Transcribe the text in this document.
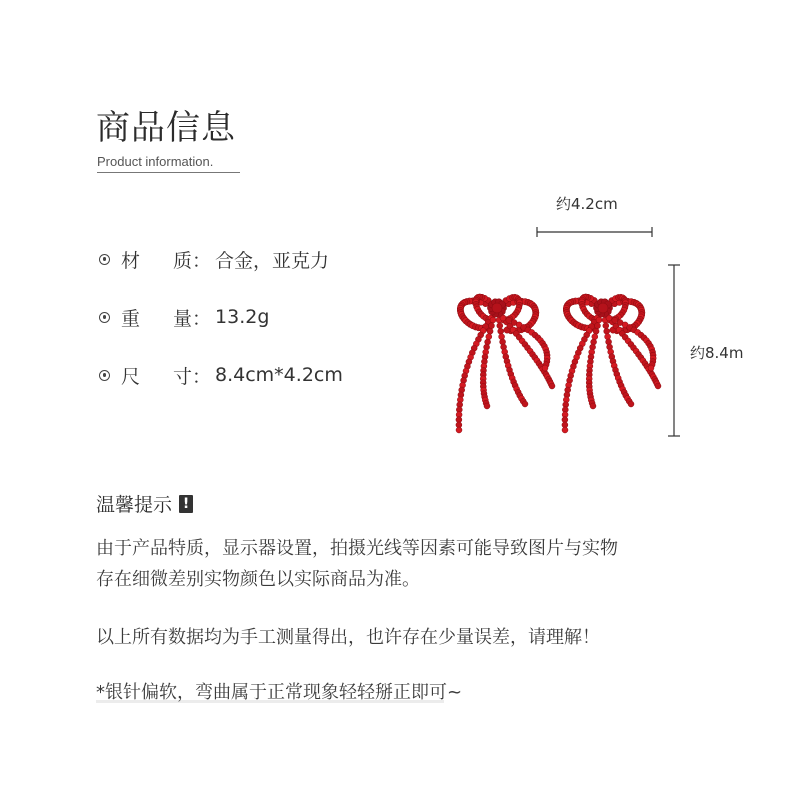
商品信息
Product information.
材	质： 合金，亚克力
重	量： 13.2g
尺	寸： 8.4cm*4.2cm
约4.2cm
约8.4m
温馨提示 !
由于产品特质，显示器设置，拍摄光线等因素可能导致图片与实物
存在细微差别实物颜色以实际商品为准。
以上所有数据均为手工测量得出，也许存在少量误差，请理解！
*银针偏软，弯曲属于正常现象轻轻掰正即可~
